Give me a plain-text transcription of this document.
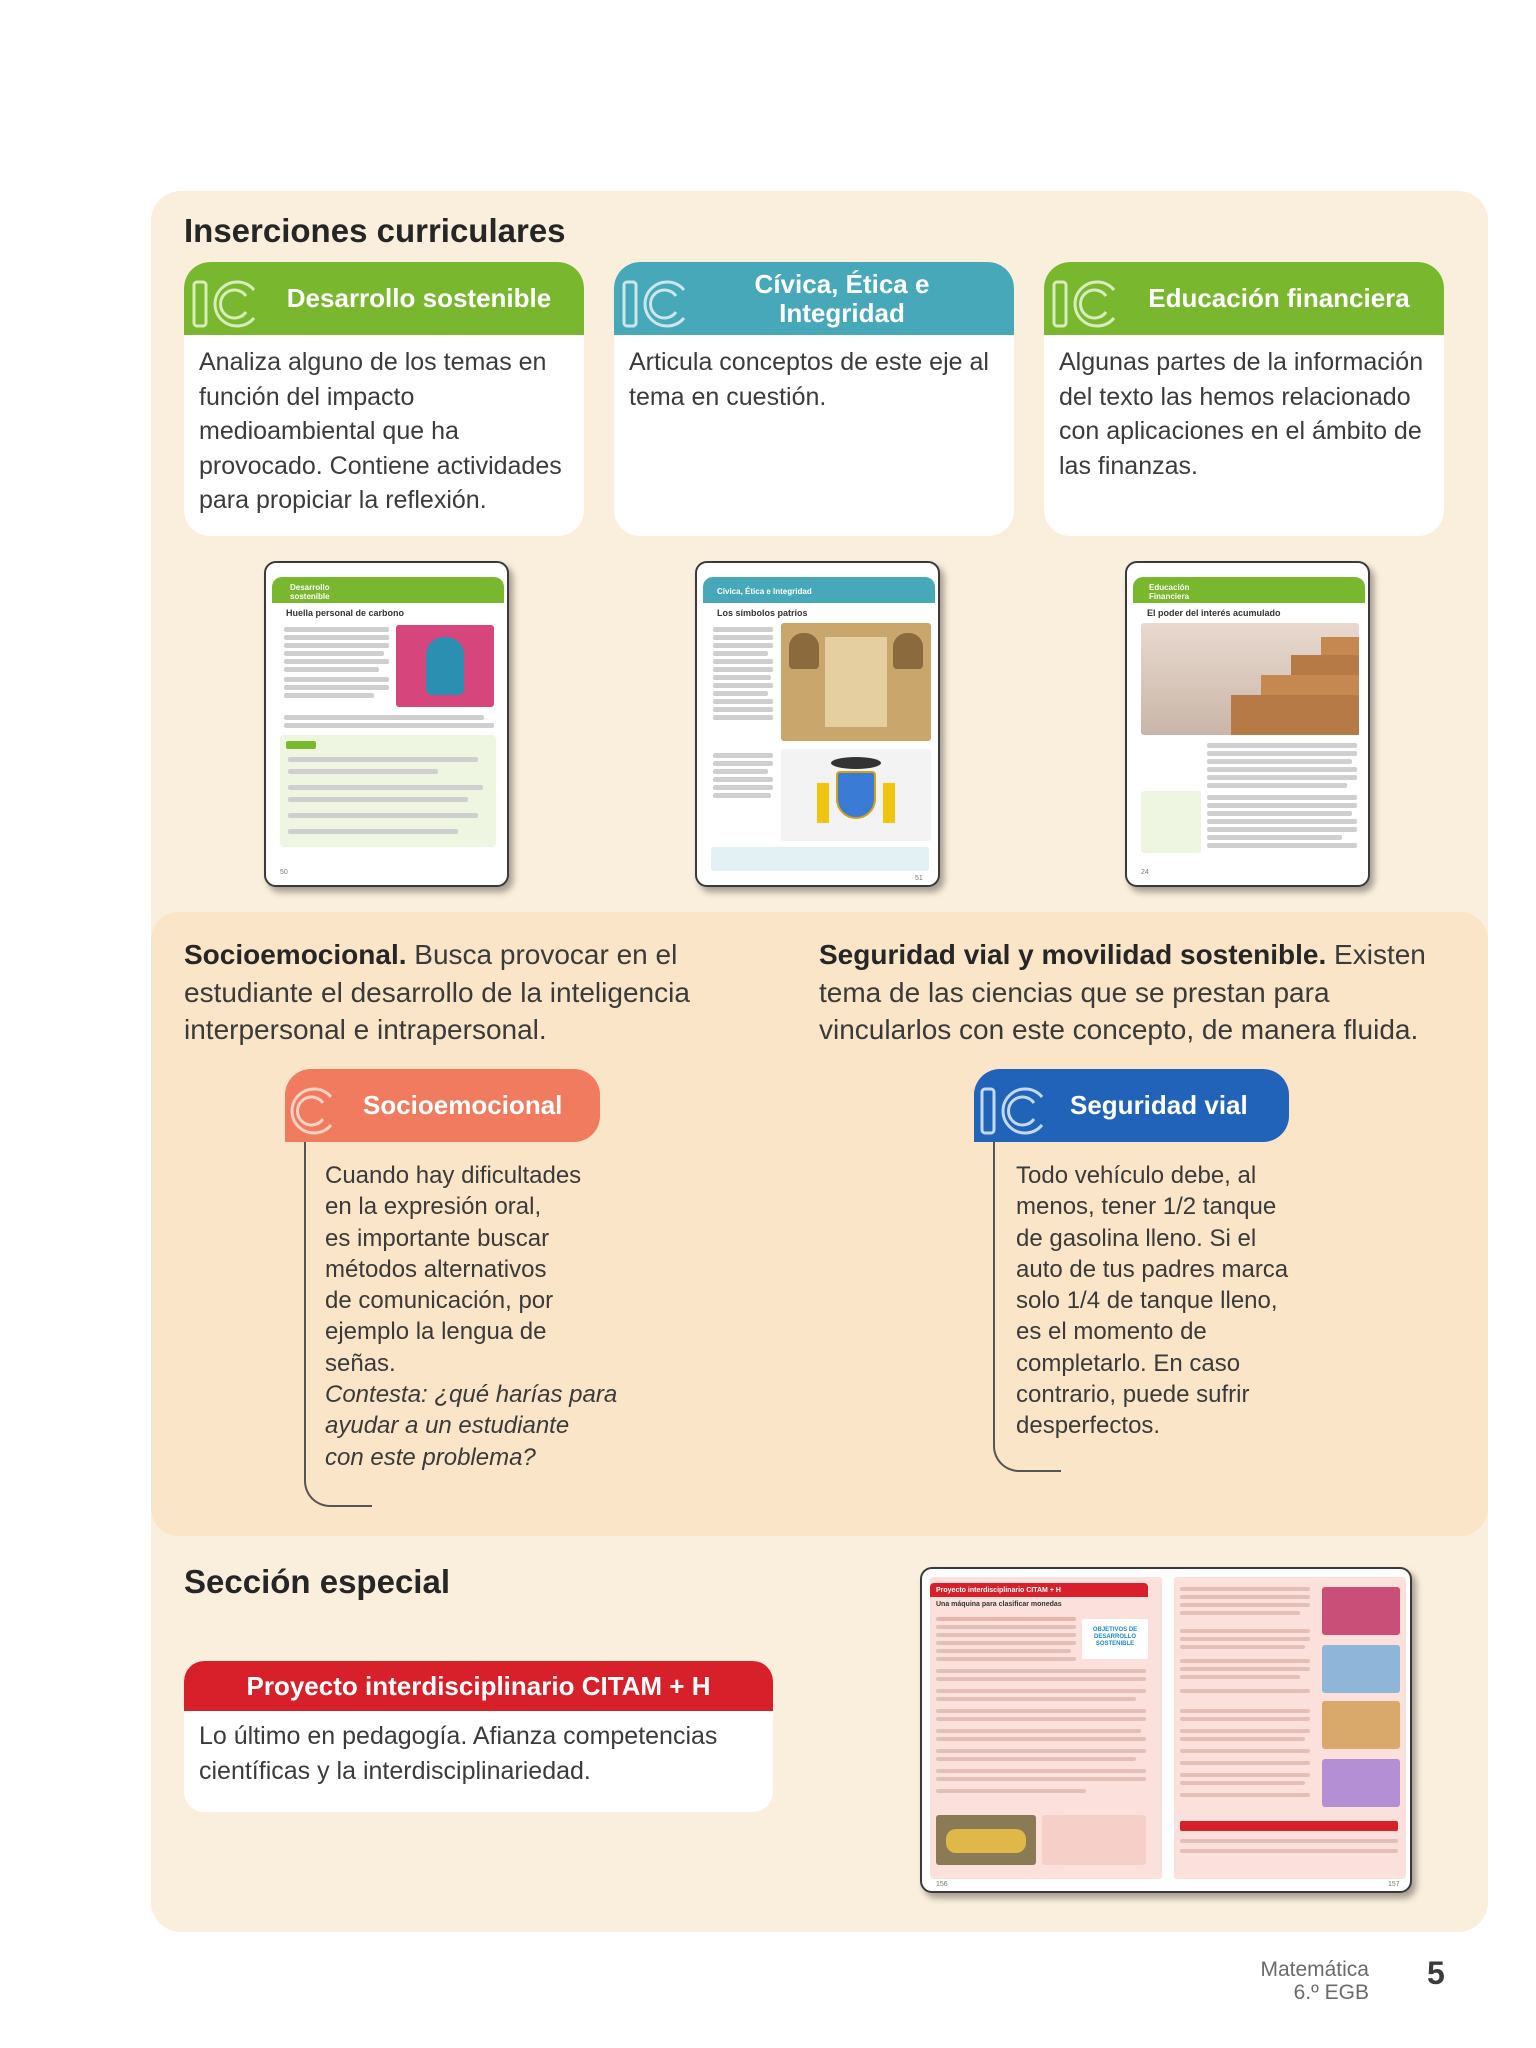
Inserciones curriculares
Desarrollo sostenible
Analiza alguno de los temas en función del impacto medioambiental que ha provocado. Contiene actividades para propiciar la reflexión.
Cívica, Ética e Integridad
Articula conceptos de este eje al tema en cuestión.
Educación financiera
Algunas partes de la información del texto las hemos relacionado con aplicaciones en el ámbito de las finanzas.
Desarrollo sostenible
Huella personal de carbono
50
Cívica, Ética e Integridad
Los símbolos patrios
51
Educación Financiera
El poder del interés acumulado
24
Socioemocional. Busca provocar en el estudiante el desarrollo de la inteligencia interpersonal e intrapersonal.
Seguridad vial y movilidad sostenible. Existen tema de las ciencias que se prestan para vincularlos con este concepto, de manera fluida.
Socioemocional
Cuando hay dificultades
en la expresión oral,
es importante buscar
métodos alternativos
de comunicación, por
ejemplo la lengua de
señas.
Contesta: ¿qué harías para
ayudar a un estudiante
con este problema?
Seguridad vial
Todo vehículo debe, al
menos, tener 1/2 tanque
de gasolina lleno. Si el
auto de tus padres marca
solo 1/4 de tanque lleno,
es el momento de
completarlo. En caso
contrario, puede sufrir
desperfectos.
Sección especial
Proyecto interdisciplinario CITAM + H
Lo último en pedagogía. Afianza competencias científicas y la interdisciplinariedad.
Proyecto interdisciplinario CITAM + H
Una máquina para clasificar monedas
OBJETIVOS DE DESARROLLO SOSTENIBLE
156	157
Matemática
6.º EGB
5
